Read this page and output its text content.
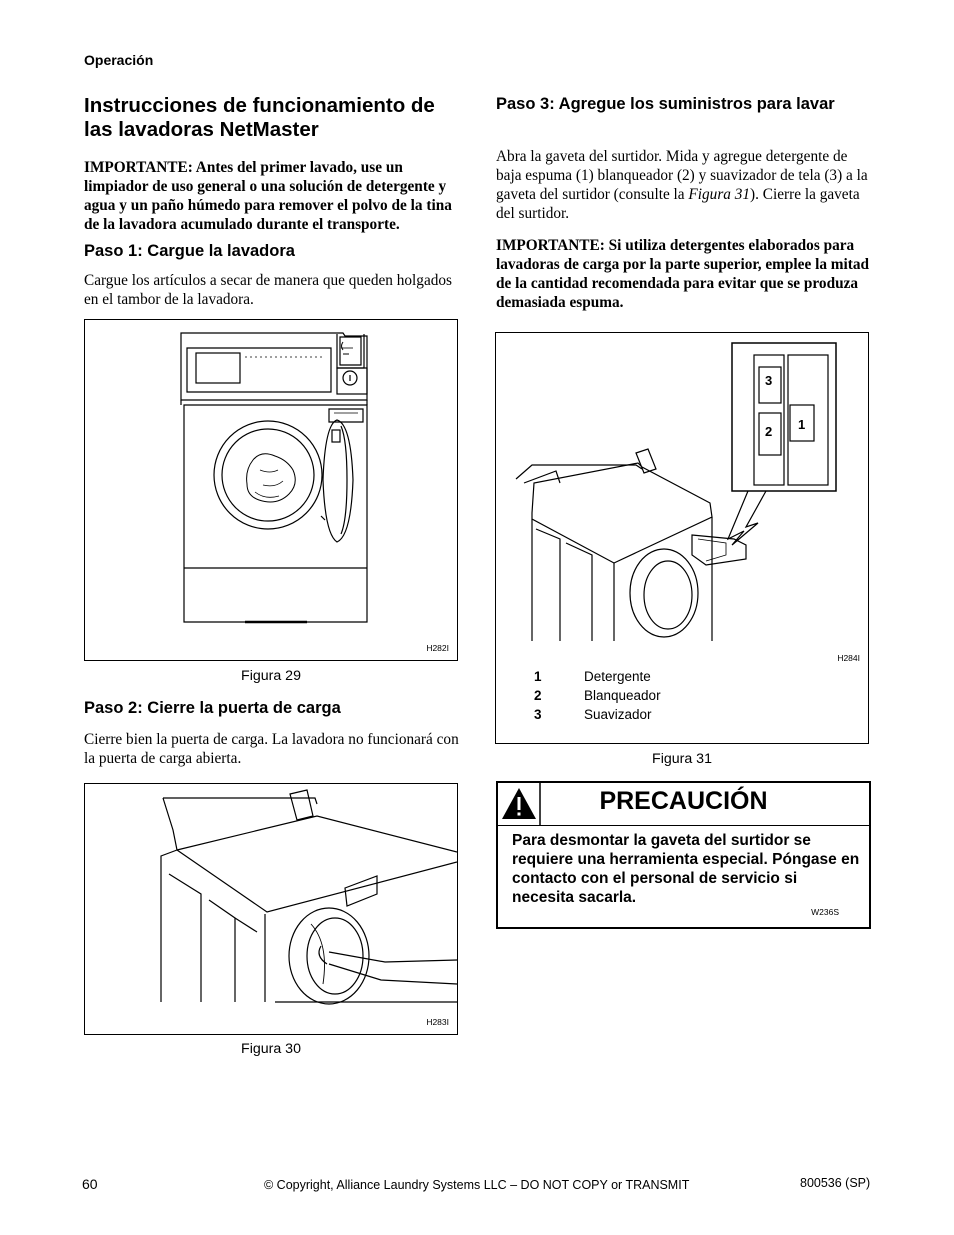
Operación
Instrucciones de funcionamiento de las lavadoras NetMaster
IMPORTANTE: Antes del primer lavado, use un limpiador de uso general o una solución de detergente y agua y un paño húmedo para remover el polvo de la tina de la lavadora acumulado durante el transporte.
Paso 1: Cargue la lavadora
Cargue los artículos a secar de manera que queden holgados en el tambor de la lavadora.
H282I
Figura 29
Paso 2: Cierre la puerta de carga
Cierre bien la puerta de carga. La lavadora no funcionará con la puerta de carga abierta.
H283I
Figura 30
Paso 3: Agregue los suministros para lavar
Abra la gaveta del surtidor. Mida y agregue detergente de baja espuma (1) blanqueador (2) y suavizador de tela (3) a la gaveta del surtidor (consulte la Figura 31). Cierre la gaveta del surtidor.
IMPORTANTE: Si utiliza detergentes elaborados para lavadoras de carga por la parte superior, emplee la mitad de la cantidad recomendada para evitar que se produza demasiada espuma.
3
2 1
H284I
1	Detergente
2	Blanqueador
3	Suavizador
Figura 31
PRECAUCIÓN
Para desmontar la gaveta del surtidor se requiere una herramienta especial. Póngase en contacto con el personal de servicio si necesita sacarla.
W236S
60	© Copyright, Alliance Laundry Systems LLC – DO NOT COPY or TRANSMIT	800536 (SP)
